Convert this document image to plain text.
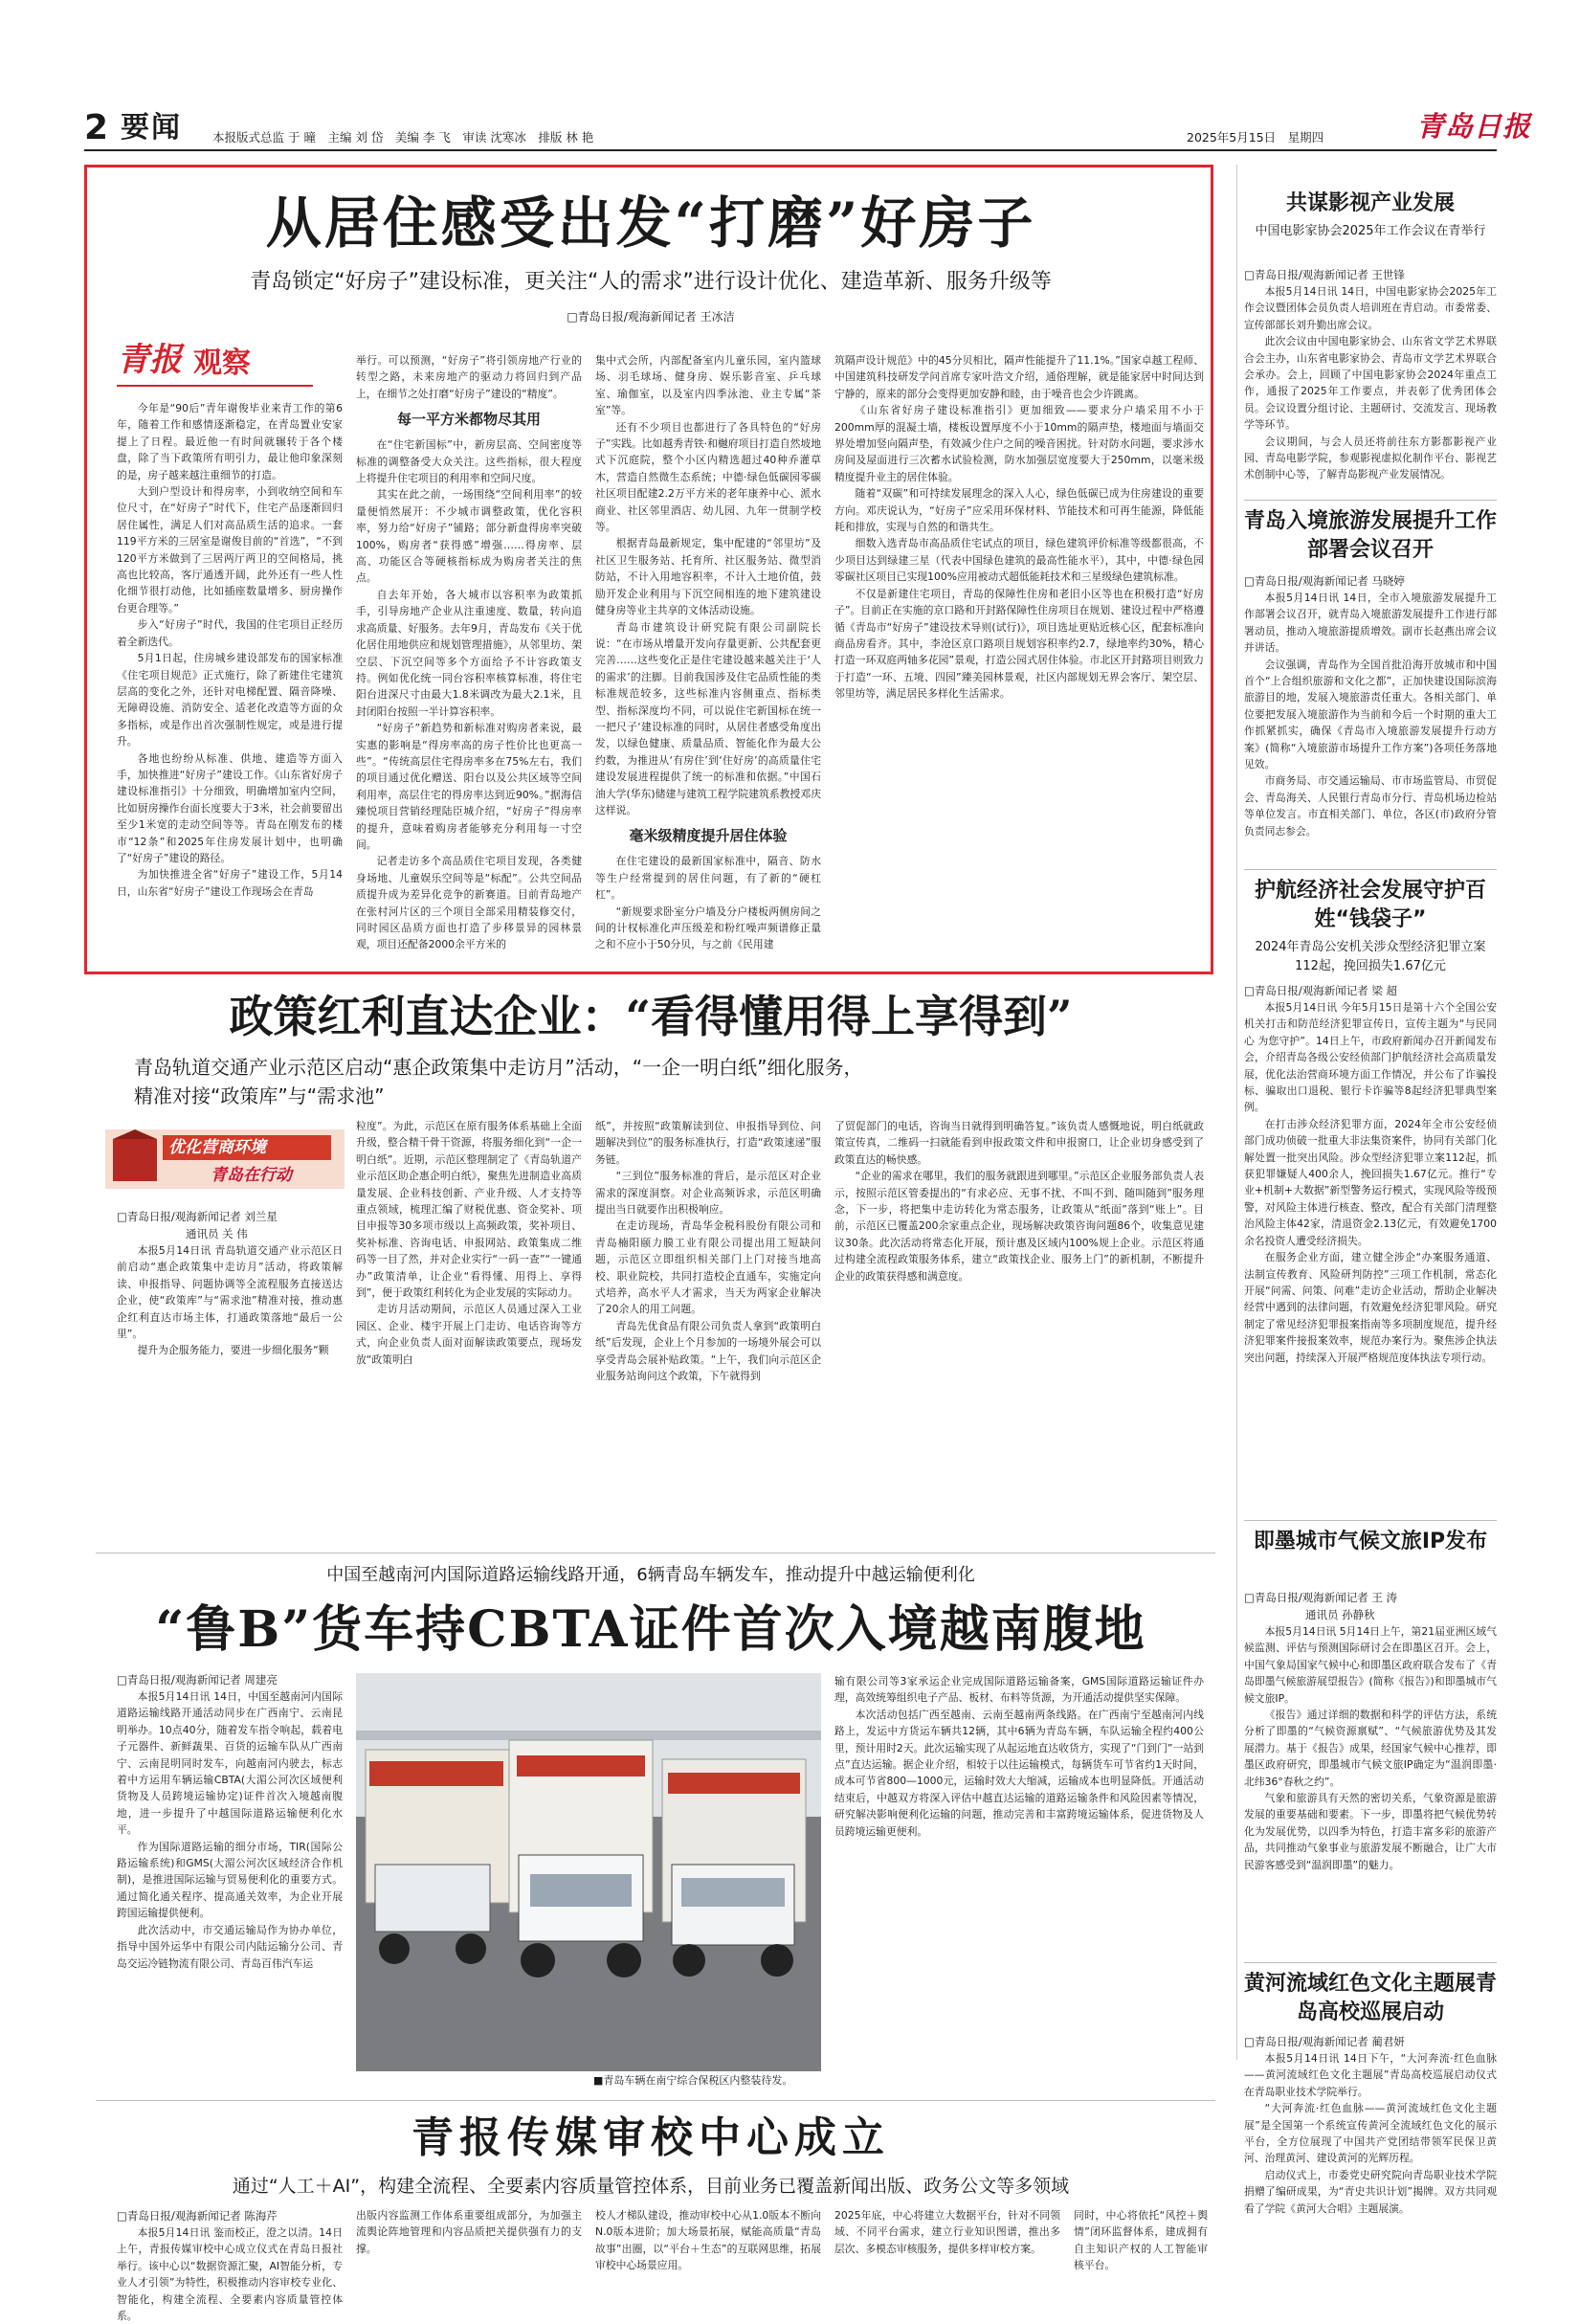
2 要闻	本报版式总监 于 曈　主编 刘 岱　美编 李 飞　审读 沈寒冰　排版 林 艳	2025年5月15日　星期四	青岛日报
从居住感受出发“打磨”好房子
青岛锁定“好房子”建设标准，更关注“人的需求”进行设计优化、建造革新、服务升级等
□青岛日报/观海新闻记者 王冰洁
青报 观察

今年是“90后”青年谢俊毕业来青工作的第6年，随着工作和感情逐渐稳定，在青岛置业安家提上了日程。最近他一有时间就辗转于各个楼盘，除了当下政策所有明引力，最让他印象深刻的是，房子越来越注重细节的打造。

大到户型设计和得房率，小到收纳空间和车位尺寸，在“好房子”时代下，住宅产品逐渐回归居住属性，满足人们对高品质生活的追求。一套119平方米的三居室是谢俊目前的“首选”，“不到120平方米做到了三居两厅两卫的空间格局，挑高也比较高，客厅通透开阔，此外还有一些人性化细节很打动他，比如插座数量增多、厨房操作台更合理等。”

步入“好房子”时代，我国的住宅项目正经历着全新迭代。

5月1日起，住房城乡建设部发布的国家标准《住宅项目规范》正式施行，除了新建住宅建筑层高的变化之外，还针对电梯配置、隔音降噪、无障碍设施、消防安全、适老化改造等方面的众多指标，或是作出首次强制性规定，或是进行提升。

各地也纷纷从标准、供地、建造等方面入手，加快推进“好房子”建设工作。《山东省好房子建设标准指引》十分细致，明确增加室内空间，比如厨房操作台面长度要大于3米，社会前要留出至少1米宽的走动空间等等。青岛在刚发布的楼市“12条”和2025年住房发展计划中，也明确了“好房子”建设的路径。

为加快推进全省“好房子”建设工作，5月14日，山东省“好房子”建设工作现场会在青岛

举行。可以预测，“好房子”将引领房地产行业的转型之路，未来房地产的驱动力将回归到产品上，在细节之处打磨“好房子”建设的“精度”。

每一平方米都物尽其用

在“住宅新国标”中，新房层高、空间密度等标准的调整备受大众关注。这些指标，很大程度上将提升住宅项目的利用率和空间尺度。

其实在此之前，一场围绕“空间利用率”的较量便悄然展开：不少城市调整政策，优化容积率，努力给“好房子”铺路；部分新盘得房率突破100%，购房者“获得感”增强……得房率、层高、功能区合等硬核指标成为购房者关注的焦点。

自去年开始，各大城市以容积率为政策抓手，引导房地产企业从注重速度、数量，转向追求高质量、好服务。去年9月，青岛发布《关于优化居住用地供应和规划管理措施》，从邻里坊、架空层、下沉空间等多个方面给予不计容政策支持。例如优化统一同台容积率核算标准，将住宅阳台进深尺寸由最大1.8米调改为最大2.1米，且封闭阳台按照一半计算容积率。

“好房子”新趋势和新标准对购房者来说，最实惠的影响是“得房率高的房子性价比也更高一些”。“传统高层住宅得房率多在75%左右，我们的项目通过优化赠送、阳台以及公共区域等空间利用率，高层住宅的得房率达到近90%。”据海信臻悦项目营销经理陆臣城介绍，“好房子”得房率的提升，意味着购房者能够充分利用每一寸空间。

记者走访多个高品质住宅项目发现，各类健身场地、儿童娱乐空间等是“标配”。公共空间品质提升成为差异化竞争的新赛道。目前青岛地产在张村河片区的三个项目全部采用精装修交付，同时园区品质方面也打造了步移景异的园林景观，项目还配备2000余平方米的

集中式会所，内部配备室内儿童乐园，室内篮球场、羽毛球场、健身房、娱乐影音室、乒乓球室、瑜伽室，以及室内四季泳池、业主专属“茶室”等。

还有不少项目也都进行了各具特色的“好房子”实践。比如越秀青铁·和樾府项目打造自然坡地式下沉庭院，整个小区内精选超过40种乔灌草木，营造自然微生态系统；中德·绿色低碳园零碳社区项目配建2.2万平方米的老年康养中心、派水商业、社区邻里酒店、幼儿园、九年一贯制学校等。

根据青岛最新规定，集中配建的“邻里坊”及社区卫生服务站、托育所、社区服务站、微型消防站，不计入用地容积率，不计入土地价值，鼓励开发企业利用与下沉空间相连的地下建筑建设健身房等业主共享的文体活动设施。

青岛市建筑设计研究院有限公司副院长说：“在市场从增量开发向存量更新、公共配套更完善……这些变化正是住宅建设越来越关注于‘人的需求’的注脚。目前我国涉及住宅品质性能的类标准规范较多，这些标准内容侧重点、指标类型、指标深度均不同，可以说住宅新国标在统一一把尺子‘建设标准的同时，从居住者感受角度出发，以绿色健康、质量品质、智能化作为最大公约数，为推进从‘有房住’到‘住好房’的高质量住宅建设发展进程提供了统一的标准和依据。”中国石油大学(华东)储建与建筑工程学院建筑系教授邓庆这样说。

毫米级精度提升居住体验

在住宅建设的最新国家标准中，隔音、防水等生户经常提到的居住问题，有了新的“硬杠杠”。

“新规要求卧室分户墙及分户楼板两侧房间之间的计权标准化声压级差和粉红噪声频谱修正量之和不应小于50分贝，与之前《民用建

筑隔声设计规范》中的45分贝相比，隔声性能提升了11.1%。”国家卓越工程师、中国建筑科技研发学问首席专家叶浩文介绍，通俗理解，就是能家居中时间达到宁静的，原来的部分会变得更加安静和睦，由于噪音也会少许跳离。

《山东省好房子建设标准指引》更加细致——要求分户墙采用不小于200mm厚的混凝土墙，楼板设置厚度不小于10mm的隔声垫，楼地面与墙面交界处增加竖向隔声垫，有效减少住户之间的噪音困扰。针对防水问题，要求涉水房间及屋面进行三次蓄水试验检测，防水加强层宽度要大于250mm，以毫米级精度提升业主的居住体验。

随着“双碳”和可持续发展理念的深入人心，绿色低碳已成为住房建设的重要方向。邓庆说认为，“好房子”应采用环保材料、节能技术和可再生能源，降低能耗和排放，实现与自然的和谐共生。

细数入选青岛市高品质住宅试点的项目，绿色建筑评价标准等级都很高，不少项目达到绿建三星（代表中国绿色建筑的最高性能水平），其中，中德·绿色园零碳社区项目已实现100%应用被动式超低能耗技术和三星级绿色建筑标准。

不仅是新建住宅项目，青岛的保障性住房和老旧小区等也在积极打造“好房子”。目前正在实施的京口路和开封路保障性住房项目在规划、建设过程中严格遵循《青岛市“好房子”建设技术导则(试行)》，项目选址更贴近核心区，配套标准向商品房看齐。其中，李沧区京口路项目规划容积率约2.7，绿地率约30%，精心打造一环双庭两轴多花园”景观，打造公园式居住体验。市北区开封路项目则致力于打造“一环、五境、四园”臻美园林景观，社区内部规划无界会客厅、架空层、邻里坊等，满足居民多样化生活需求。

共谋影视产业发展
中国电影家协会2025年工作会议在青举行

□青岛日报/观海新闻记者 王世锋

本报5月14日讯 14日，中国电影家协会2025年工作会议暨团体会员负责人培训班在青启动。市委常委、宣传部部长刘升勤出席会议。

此次会议由中国电影家协会、山东省文学艺术界联合会主办，山东省电影家协会、青岛市文学艺术界联合会承办。会上，回顾了中国电影家协会2024年重点工作，通报了2025年工作要点，并表彰了优秀团体会员。会议设置分组讨论、主题研讨、交流发言、现场教学等环节。

会议期间，与会人员还将前往东方影都影视产业园、青岛电影学院，参观影视虚拟化制作平台、影视艺术创制中心等，了解青岛影视产业发展情况。

青岛入境旅游发展提升工作部署会议召开

□青岛日报/观海新闻记者 马晓婷

本报5月14日讯 14日，全市入境旅游发展提升工作部署会议召开，就青岛入境旅游发展提升工作进行部署动员，推动入境旅游提质增效。副市长赵燕出席会议并讲话。

会议强调，青岛作为全国首批沿海开放城市和中国首个“上合组织旅游和文化之都”，正加快建设国际滨海旅游目的地，发展入境旅游责任重大。各相关部门、单位要把发展入境旅游作为当前和今后一个时期的重大工作抓紧抓实，确保《青岛市入境旅游发展提升行动方案》(简称“入境旅游市场提升工作方案”)各项任务落地见效。

市商务局、市交通运输局、市市场监管局、市贸促会、青岛海关、人民银行青岛市分行、青岛机场边检站等单位发言。市直相关部门、单位，各区(市)政府分管负责同志参会。

护航经济社会发展守护百姓“钱袋子”
2024年青岛公安机关涉众型经济犯罪立案112起，挽回损失1.67亿元

□青岛日报/观海新闻记者 梁 超

本报5月14日讯 今年5月15日是第十六个全国公安机关打击和防范经济犯罪宣传日，宣传主题为“与民同心 为您守护”。14日上午，市政府新闻办召开新闻发布会，介绍青岛各级公安经侦部门护航经济社会高质量发展，优化法治营商环境方面工作情况，并公布了诈骗投标、骗取出口退税、银行卡诈骗等8起经济犯罪典型案例。

在打击涉众经济犯罪方面，2024年全市公安经侦部门成功侦破一批重大非法集资案件，协同有关部门化解处置一批突出风险。涉众型经济犯罪立案112起，抓获犯罪嫌疑人400余人，挽回损失1.67亿元。推行“专业+机制+大数据”新型警务运行模式，实现风险等级预警，对风险主体进行核查、整改，配合有关部门清理整治风险主体42家，清退资金2.13亿元，有效避免1700余名投资人遭受经济损失。

在服务企业方面，建立健全涉企“办案服务通道、法制宣传教育、风险研判防控”三项工作机制，常态化开展“问需、问策、问难”走访企业活动，帮助企业解决经营中遇到的法律问题，有效避免经济犯罪风险。研究制定了常见经济犯罪报案指南等多项制度规范，提升经济犯罪案件接报案效率，规范办案行为。聚焦涉企执法突出问题，持续深入开展严格规范度体执法专项行动。

即墨城市气候文旅IP发布

□青岛日报/观海新闻记者 王 涛

通讯员 孙静秋

本报5月14日讯 5月14日上午，第21届亚洲区域气候监测、评估与预测国际研讨会在即墨区召开。会上，中国气象局国家气候中心和即墨区政府联合发布了《青岛即墨气候旅游展望报告》(简称《报告》)和即墨城市气候文旅IP。

《报告》通过详细的数据和科学的评估方法，系统分析了即墨的“气候资源禀赋”、“气候旅游优势及其发展潜力。基于《报告》成果，经国家气候中心推荐，即墨区政府研究，即墨城市气候文旅IP确定为“温润即墨·北纬36°春秋之约”。

气象和旅游具有天然的密切关系，气象资源是旅游发展的重要基础和要素。下一步，即墨将把气候优势转化为发展优势，以四季为特色，打造丰富多彩的旅游产品，共同推动气象事业与旅游发展不断融合，让广大市民游客感受到“温润即墨”的魅力。

黄河流域红色文化主题展青岛高校巡展启动

□青岛日报/观海新闻记者 蔺君妍

本报5月14日讯 14日下午，“大河奔流·红色血脉——黄河流域红色文化主题展”青岛高校巡展启动仪式在青岛职业技术学院举行。

“大河奔流·红色血脉——黄河流域红色文化主题展”是全国第一个系统宣传黄河全流域红色文化的展示平台，全方位展现了中国共产党团结带领军民保卫黄河、治理黄河、建设黄河的光辉历程。

启动仪式上，市委党史研究院向青岛职业技术学院捐赠了编研成果，为“青史共识计划”揭牌。双方共同观看了学院《黄河大合唱》主题展演。

政策红利直达企业：“看得懂用得上享得到”
青岛轨道交通产业示范区启动“惠企政策集中走访月”活动，“一企一明白纸”细化服务，
精准对接“政策库”与“需求池”
优化营商环境
青岛在行动

□青岛日报/观海新闻记者 刘兰星

通讯员 关 伟

本报5月14日讯 青岛轨道交通产业示范区日前启动“惠企政策集中走访月”活动，将政策解读、申报指导、问题协调等全流程服务直接送达企业，使“政策库”与“需求池”精准对接，推动惠企红利直达市场主体，打通政策落地“最后一公里”。

提升为企服务能力，要进一步细化服务“颗

粒度”。为此，示范区在原有服务体系基础上全面升级，整合精干骨干资源，将服务细化到“一企一明白纸”。近期，示范区整理制定了《青岛轨道产业示范区助企惠企明白纸》，聚焦先进制造业高质量发展、企业科技创新、产业升级、人才支持等重点领域，梳理汇编了财税优惠、资金奖补、项目申报等30多项市级以上高频政策，奖补项目、奖补标准、咨询电话、申报网站、政策集成二维码等一目了然，并对企业实行“一码一查”“一键通办”政策清单，让企业“看得懂、用得上、享得到”，便于政策红利转化为企业发展的实际动力。

走访月活动期间，示范区人员通过深入工业园区、企业、楼宇开展上门走访、电话咨询等方式，向企业负责人面对面解读政策要点，现场发放“政策明白

纸”，并按照“政策解读到位、申报指导到位、问题解决到位”的服务标准执行，打造“政策速递”服务链。

“三到位”服务标准的背后，是示范区对企业需求的深度洞察。对企业高频诉求，示范区明确提出当日就要作出积极响应。

在走访现场，青岛华金税科股份有限公司和青岛楠阳颐力膜工业有限公司提出用工短缺问题，示范区立即组织相关部门上门对接当地高校、职业院校，共同打造校企直通车，实施定向式培养，高水平人才需求，当天为两家企业解决了20余人的用工问题。

青岛先优食品有限公司负责人拿到“政策明白纸”后发现，企业上个月参加的一场境外展会可以享受青岛会展补贴政策。“上午，我们向示范区企业服务站询问这个政策，下午就得到

了贸促部门的电话，咨询当日就得到明确答复。”该负责人感慨地说，明白纸就政策宣传真，二维码一扫就能看到申报政策文件和申报窗口，让企业切身感受到了政策直达的畅快感。

“企业的需求在哪里，我们的服务就跟进到哪里。”示范区企业服务部负责人表示，按照示范区管委提出的“有求必应、无事不扰、不叫不到、随叫随到”服务理念，下一步，将把集中走访转化为常态服务，让政策从“纸面”落到“账上”。目前，示范区已覆盖200余家重点企业，现场解决政策咨询问题86个，收集意见建议30条。此次活动将常态化开展，预计惠及区域内100%规上企业。示范区将通过构建全流程政策服务体系，建立“政策找企业、服务上门”的新机制，不断提升企业的政策获得感和满意度。

中国至越南河内国际道路运输线路开通，6辆青岛车辆发车，推动提升中越运输便利化
“鲁B”货车持CBTA证件首次入境越南腹地

□青岛日报/观海新闻记者 周建亮

本报5月14日讯 14日，中国至越南河内国际道路运输线路开通活动同步在广西南宁、云南昆明举办。10点40分，随着发车指令响起，载着电子元器件、新鲜蔬果、百货的运输车队从广西南宁、云南昆明同时发车，向越南河内驶去，标志着中方运用车辆运输CBTA(大湄公河次区域便利货物及人员跨境运输协定)证件首次入境越南腹地，进一步提升了中越国际道路运输便利化水平。

作为国际道路运输的细分市场，TIR(国际公路运输系统)和GMS(大湄公河次区域经济合作机制)，是推进国际运输与贸易便利化的重要方式。通过简化通关程序、提高通关效率，为企业开展跨国运输提供便利。

此次活动中，市交通运输局作为协办单位，指导中国外运华中有限公司内陆运输分公司、青岛交运冷链物流有限公司、青岛百伟汽车运

■青岛车辆在南宁综合保税区内整装待发。

输有限公司等3家承运企业完成国际道路运输备案，GMS国际道路运输证件办理，高效统筹组织电子产品、板材、布料等货源，为开通活动提供坚实保障。

本次活动包括广西至越南、云南至越南两条线路。在广西南宁至越南河内线路上，发运中方货运车辆共12辆，其中6辆为青岛车辆，车队运输全程约400公里，预计用时2天。此次运输实现了从起运地直达收货方，实现了“门到门”一站到点”直达运输。据企业介绍，相较于以往运输模式，每辆货车可节省约1天时间，成本可节省800—1000元，运输时效大大缩减，运输成本也明显降低。开通活动结束后，中越双方将深入评估中越直达运输的道路运输条件和风险因素等情况，研究解决影响便利化运输的问题，推动完善和丰富跨境运输体系，促进货物及人员跨境运输更便利。

青报传媒审校中心成立
通过“人工＋AI”，构建全流程、全要素内容质量管控体系，目前业务已覆盖新闻出版、政务公文等多领域

□青岛日报/观海新闻记者 陈海芹

本报5月14日讯 鉴而校正，澄之以清。14日上午，青报传媒审校中心成立仪式在青岛日报社举行。该中心以“数据资源汇聚，AI智能分析，专业人才引领”为特性，积极推动内容审校专业化、智能化，构建全流程、全要素内容质量管控体系。

出版内容监测工作体系重要组成部分，为加强主流舆论阵地管理和内容品质把关提供强有力的支撑。

校人才梯队建设，推动审校中心从1.0版本不断向N.0版本进阶；加大场景拓展，赋能高质量“青岛故事”出圈，以“平台＋生态”的互联网思维，拓展审校中心场景应用。

2025年底，中心将建立大数据平台，针对不同领域、不同平台需求，建立行业知识图谱，推出多层次、多模态审核服务，提供多样审校方案。

同时，中心将依托“风控＋舆情”闭环监督体系，建成拥有自主知识产权的人工智能审核平台。
